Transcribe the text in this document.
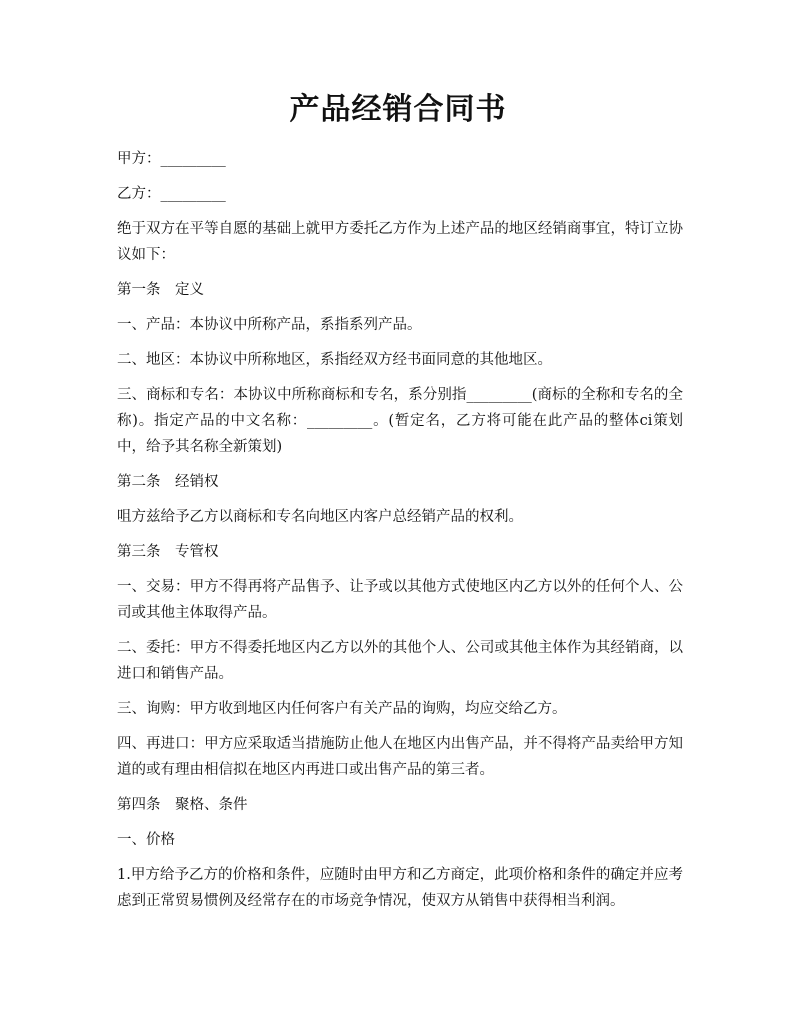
产品经销合同书

甲方：_________

乙方：_________

绝于双方在平等自愿的基础上就甲方委托乙方作为上述产品的地区经销商事宜，特订立协议如下：

第一条　定义

一、产品：本协议中所称产品，系指系列产品。

二、地区：本协议中所称地区，系指经双方经书面同意的其他地区。

三、商标和专名：本协议中所称商标和专名，系分别指_________(商标的全称和专名的全称)。指定产品的中文名称：_________。(暂定名，乙方将可能在此产品的整体ci策划中，给予其名称全新策划)

第二条　经销权

咀方兹给予乙方以商标和专名向地区内客户总经销产品的权利。

第三条　专管权

一、交易：甲方不得再将产品售予、让予或以其他方式使地区内乙方以外的任何个人、公司或其他主体取得产品。

二、委托：甲方不得委托地区内乙方以外的其他个人、公司或其他主体作为其经销商，以进口和销售产品。

三、询购：甲方收到地区内任何客户有关产品的询购，均应交给乙方。

四、再进口：甲方应采取适当措施防止他人在地区内出售产品，并不得将产品卖给甲方知道的或有理由相信拟在地区内再进口或出售产品的第三者。

第四条　聚格、条件

一、价格

1.甲方给予乙方的价格和条件，应随时由甲方和乙方商定，此项价格和条件的确定并应考虑到正常贸易惯例及经常存在的市场竞争情况，使双方从销售中获得相当利润。
